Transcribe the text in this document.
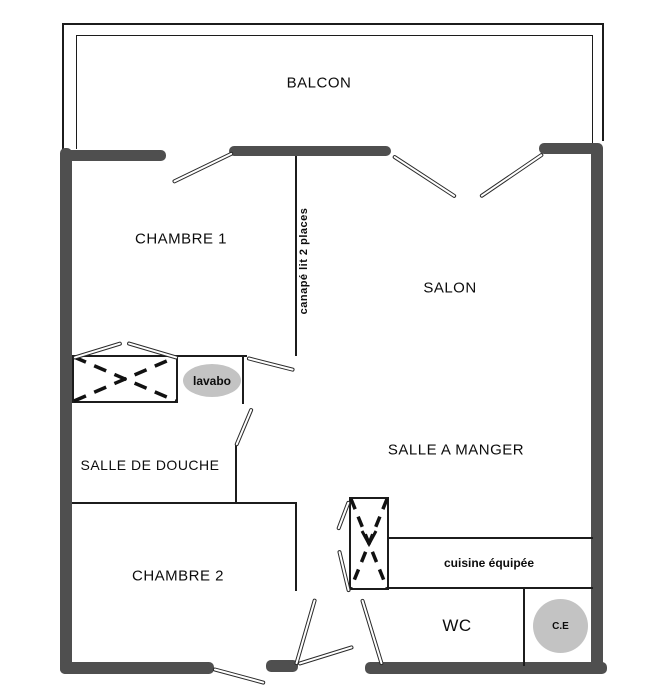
lavabo
C.E
BALCON
CHAMBRE 1
SALON
SALLE DE DOUCHE
SALLE A MANGER
CHAMBRE 2
WC
canapé lit 2 places
cuisine équipée
